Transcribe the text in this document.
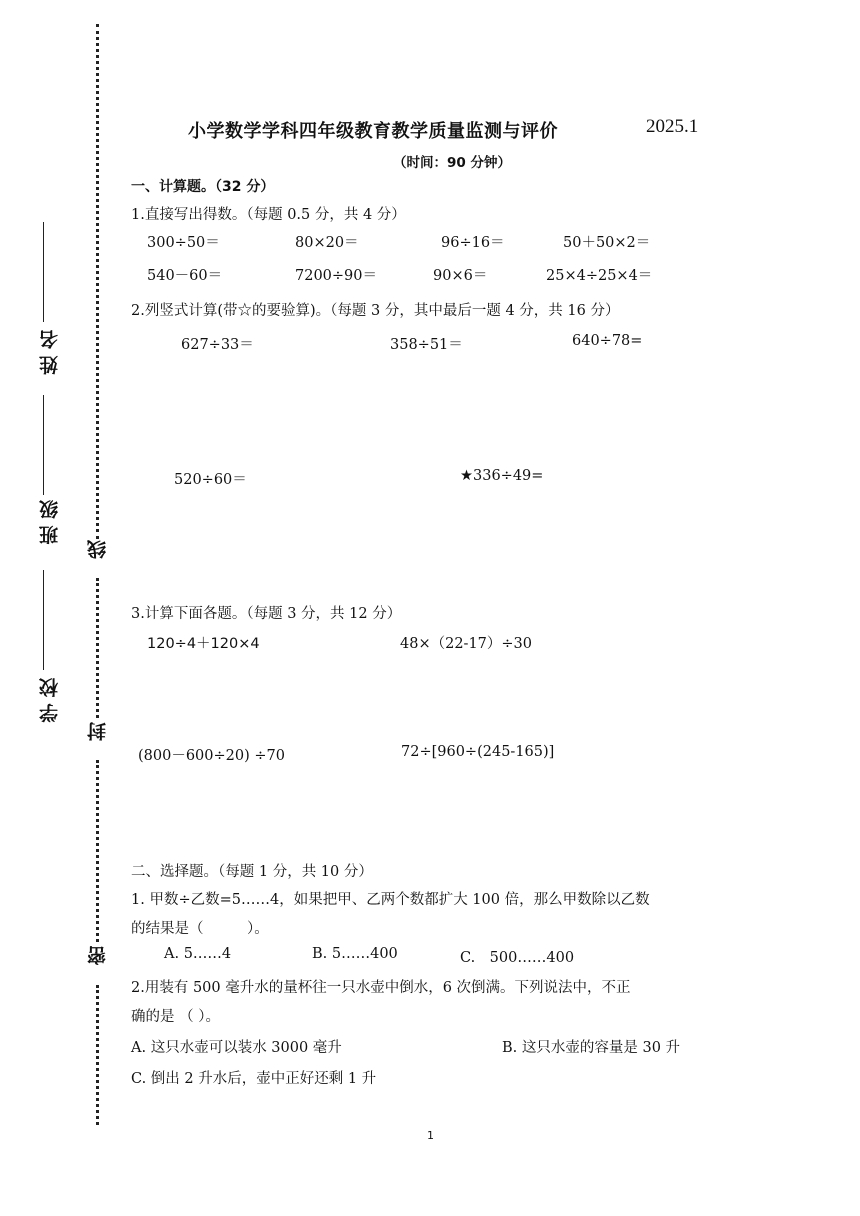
线
封
密
姓 名
班 级
学 校
小学数学学科四年级教育教学质量监测与评价	2025.1
（时间：90 分钟）
一、计算题。（32 分）
1.直接写出得数。（每题 0.5 分，共 4 分）
300÷50＝	80×20＝	96÷16＝	50＋50×2＝
540－60＝	7200÷90＝	90×6＝	25×4÷25×4＝
2.列竖式计算(带☆的要验算)。（每题 3 分，其中最后一题 4 分，共 16 分）
627÷33＝	358÷51＝	640÷78=
520÷60＝	★336÷49=
3.计算下面各题。（每题 3 分，共 12 分）
120÷4＋120×4	48×（22-17）÷30
(800－600÷20) ÷70	72÷[960÷(245-165)]
二、选择题。（每题 1 分，共 10 分）
1. 甲数÷乙数=5……4，如果把甲、乙两个数都扩大 100 倍，那么甲数除以乙数
的结果是（　　　）。
A. 5……4	B. 5……400	C.　500……400
2.用装有 500 毫升水的量杯往一只水壶中倒水，6 次倒满。下列说法中，不正
确的是 （ ）。
A. 这只水壶可以装水 3000 毫升	B. 这只水壶的容量是 30 升
C. 倒出 2 升水后，壶中正好还剩 1 升
1
